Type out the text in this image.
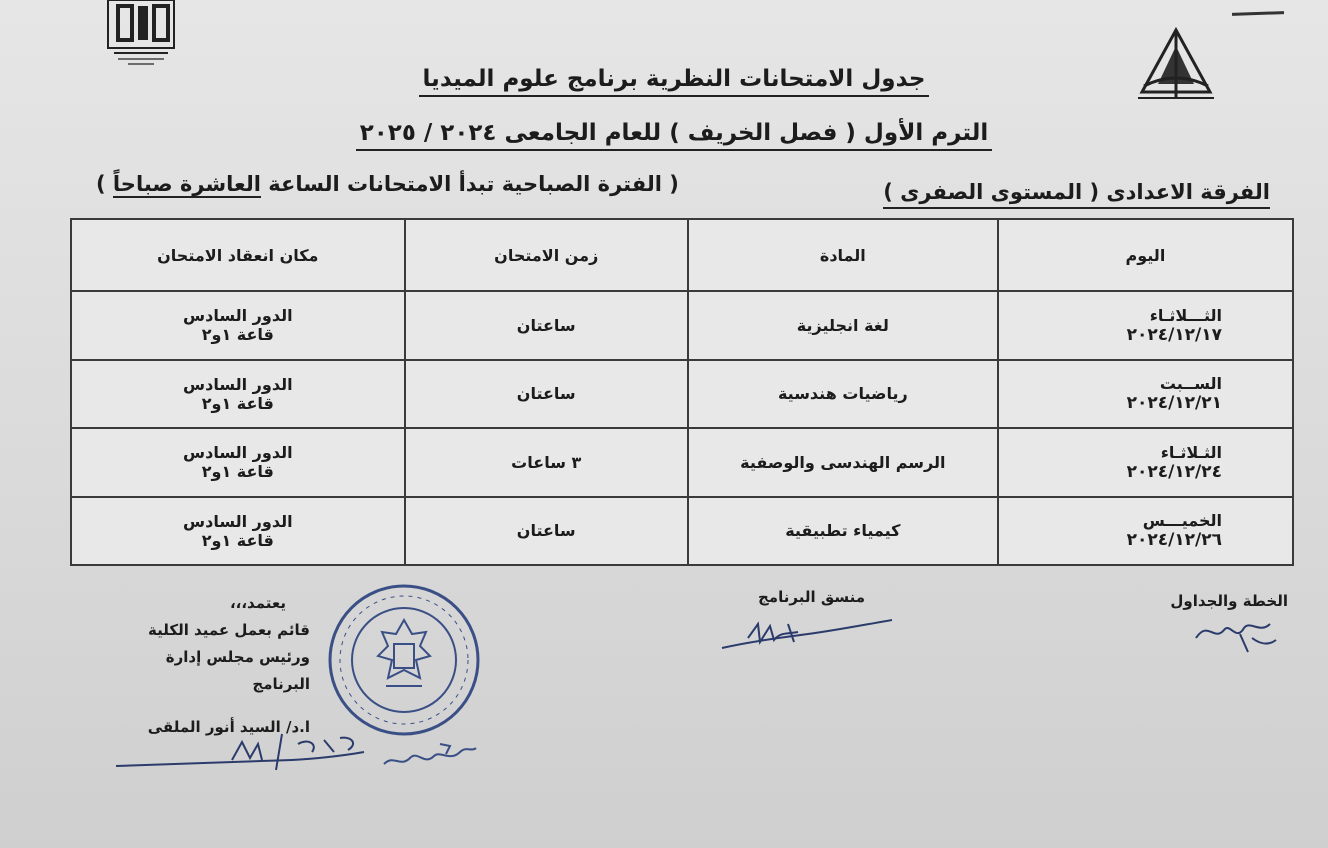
جدول الامتحانات النظرية برنامج علوم الميديا
الترم الأول ( فصل الخريف ) للعام الجامعى ٢٠٢٤ / ٢٠٢٥
الفرقة الاعدادى ( المستوى الصفرى )
( الفترة الصباحية تبدأ الامتحانات الساعة العاشرة صباحاً )
اليوم	المادة	زمن الامتحان	مكان انعقاد الامتحان

الثـــلاثـاء
٢٠٢٤/١٢/١٧	لغة انجليزية	ساعتان	الدور السادس
قاعة ١و٢

الســبت
٢٠٢٤/١٢/٢١	رياضيات هندسية	ساعتان	الدور السادس
قاعة ١و٢

الثـلاثـاء
٢٠٢٤/١٢/٢٤	الرسم الهندسى والوصفية	٣ ساعات	الدور السادس
قاعة ١و٢

الخميـــس
٢٠٢٤/١٢/٢٦	كيمياء تطبيقية	ساعتان	الدور السادس
قاعة ١و٢
الخطة والجداول
منسق البرنامج
يعتمد،،،
قائم بعمل عميد الكلية
ورئيس مجلس إدارة البرنامج
ا.د/ السيد أنور الملقى
